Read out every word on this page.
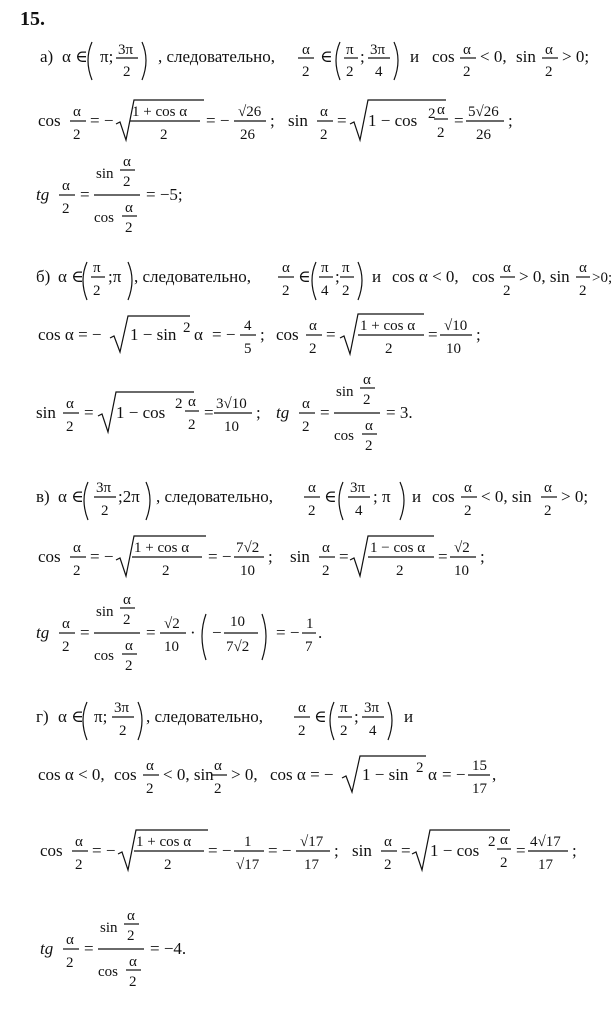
15.
а) α ∈ π; 3π
2
, следовательно, α
2
∈ π
2
; 3π
4
и cos α
2
< 0, sin α
2
> 0;
cos α
2
= − 1 + cos α
2
= − √26
26
; sin α
2
= 1 − cos 2 α
2
= 5√26
26
;
tg α
2
=
sin
α
2
cos
α
2
= −5;
б) α ∈ π
2
;π , следовательно, α
2
∈ π
4
; π
2
и cos α < 0, cos α
2
> 0, sin α
2
>0;
cos α = − 1 − sin 2 α = − 4
5
; cos α
2
= 1 + cos α
2
= √10
10
;
sin α
2
= 1 − cos 2 α
2
= 3√10
10
; tg α
2
=
sin
α
2
cos
α
2
= 3.
в) α ∈ 3π
2
;2π , следовательно, α
2
∈ 3π
4
; π и cos α
2
< 0, sin α
2
> 0;
cos α
2
= − 1 + cos α
2
= − 7√2
10
; sin α
2
= 1 − cos α
2
= √2
10
;
tg α
2
=
sin
α
2
cos
α
2
= √2
10
· −
10
7√2
= − 1
7
.
г) α ∈ π; 3π
2
, следовательно, α
2
∈ π
2
; 3π
4
и
cos α < 0, cos α
2
< 0, sin α
2
> 0, cos α = − 1 − sin 2 α = − 15
17
,
cos α
2
= − 1 + cos α
2
= − 1
√17
= − √17
17
; sin α
2
= 1 − cos 2 α
2
= 4√17
17
;
tg α
2
=
sin
α
2
cos
α
2
= −4.
